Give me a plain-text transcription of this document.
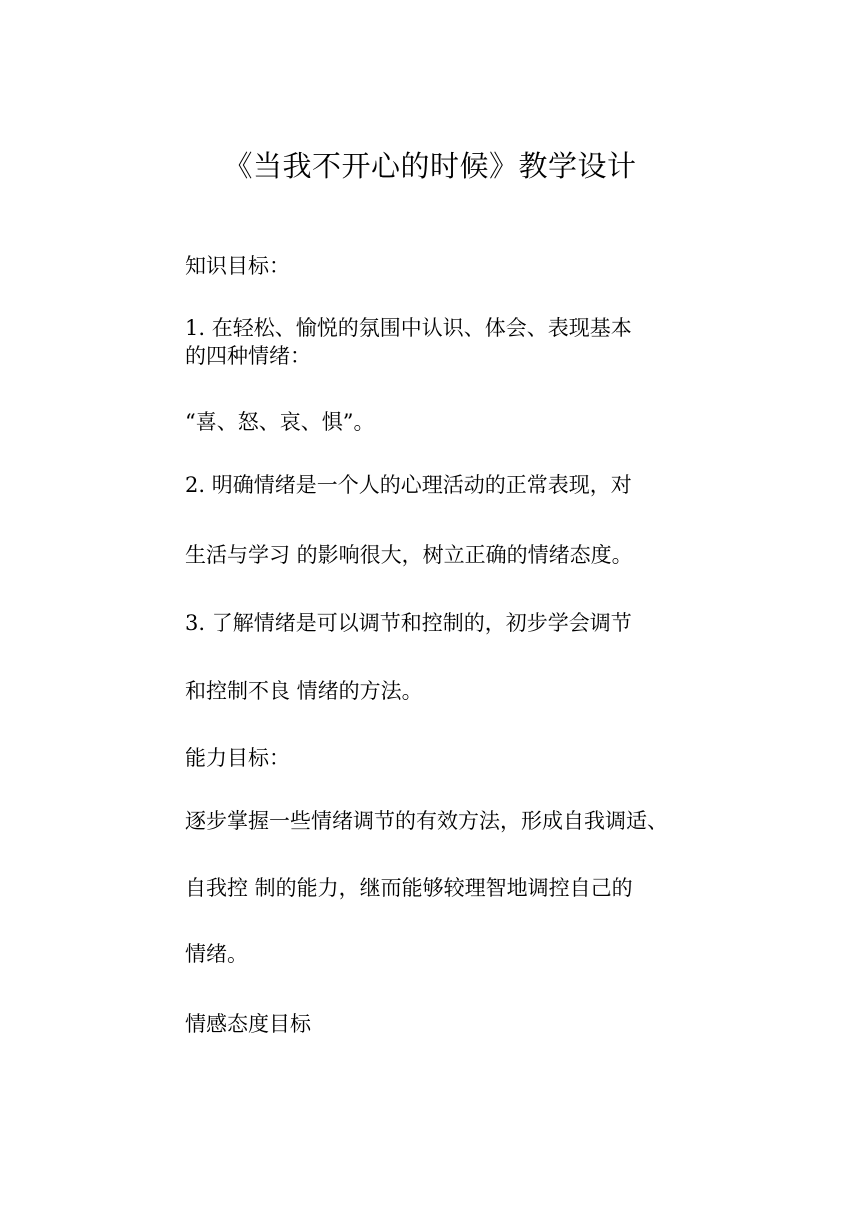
《当我不开心的时候》教学设计
知识目标：
1. 在轻松、愉悦的氛围中认识、体会、表现基本
的四种情绪：
“喜、怒、哀、惧”。
2. 明确情绪是一个人的心理活动的正常表现，对
生活与学习 的影响很大，树立正确的情绪态度。
3. 了解情绪是可以调节和控制的，初步学会调节
和控制不良 情绪的方法。
能力目标：
逐步掌握一些情绪调节的有效方法，形成自我调适、
自我控 制的能力，继而能够较理智地调控自己的
情绪。
情感态度目标
